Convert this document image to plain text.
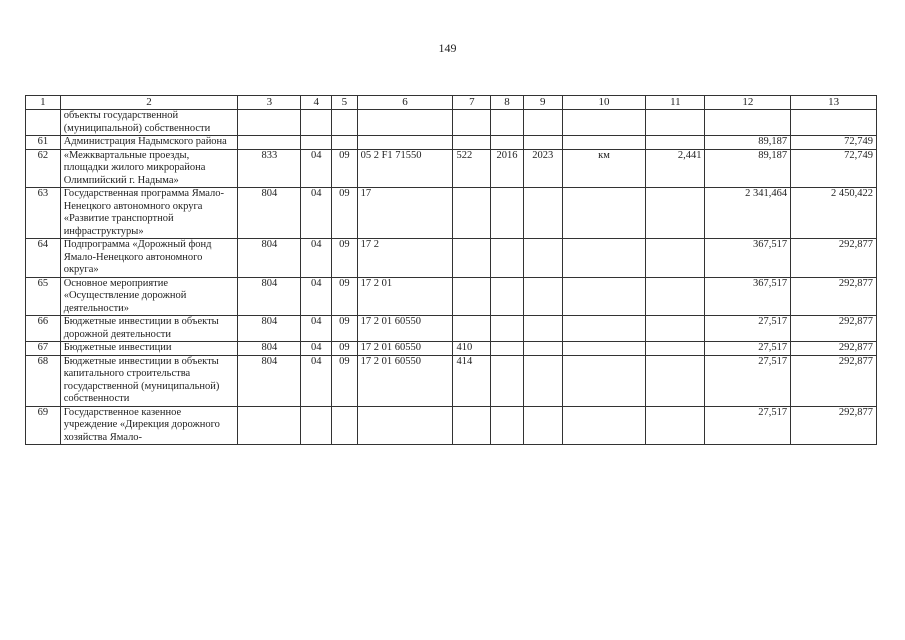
149
1	2	3	4	5	6	7	8	9	10	11	12	13
	объекты государственной (муниципальной) собственности											
61	Администрация Надымского района										89,187	72,749
62	«Межквартальные проезды, площадки жилого микрорайона Олимпийский г. Надыма»	833	04	09	05 2 F1 71550	522	2016	2023	км	2,441	89,187	72,749
63	Государственная программа Ямало-Ненецкого автономного округа «Развитие транспортной инфраструктуры»	804	04	09	17						2 341,464	2 450,422
64	Подпрограмма «Дорожный фонд Ямало-Ненецкого автономного округа»	804	04	09	17 2						367,517	292,877
65	Основное мероприятие «Осуществление дорожной деятельности»	804	04	09	17 2 01						367,517	292,877
66	Бюджетные инвестиции в объекты дорожной деятельности	804	04	09	17 2 01 60550						27,517	292,877
67	Бюджетные инвестиции	804	04	09	17 2 01 60550	410					27,517	292,877
68	Бюджетные инвестиции в объекты капитального строительства государственной (муниципальной) собственности	804	04	09	17 2 01 60550	414					27,517	292,877
69	Государственное казенное учреждение «Дирекция дорожного хозяйства Ямало-										27,517	292,877
